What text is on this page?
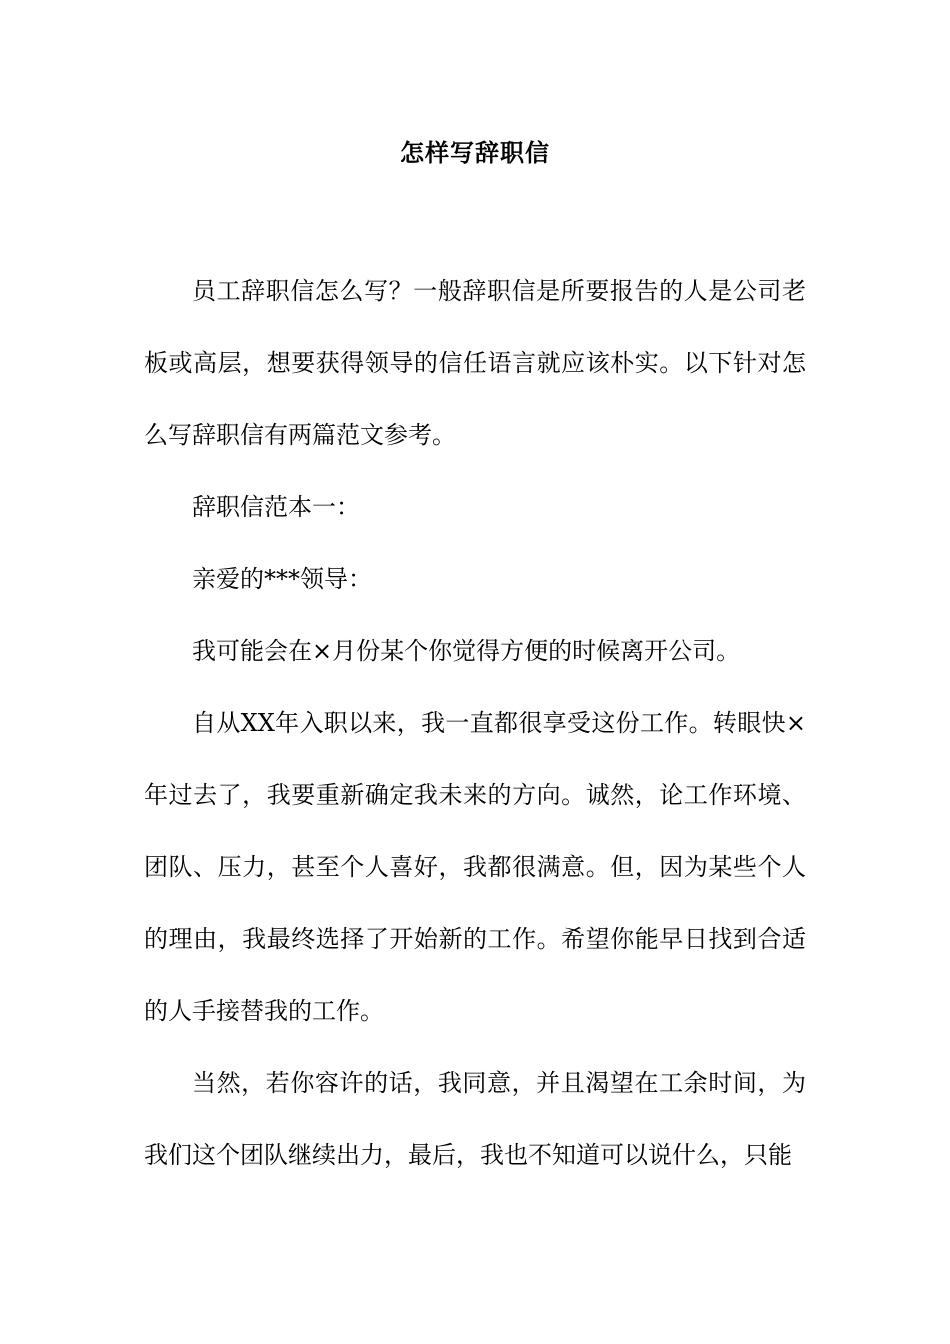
怎样写辞职信

员工辞职信怎么写？一般辞职信是所要报告的人是公司老板或高层，想要获得领导的信任语言就应该朴实。以下针对怎么写辞职信有两篇范文参考。

辞职信范本一：

亲爱的***领导：

我可能会在×月份某个你觉得方便的时候离开公司。

自从XX年入职以来，我一直都很享受这份工作。转眼快×年过去了，我要重新确定我未来的方向。诚然，论工作环境、团队、压力，甚至个人喜好，我都很满意。但，因为某些个人的理由，我最终选择了开始新的工作。希望你能早日找到合适的人手接替我的工作。

当然，若你容许的话，我同意，并且渴望在工余时间，为我们这个团队继续出力，最后，我也不知道可以说什么，只能
